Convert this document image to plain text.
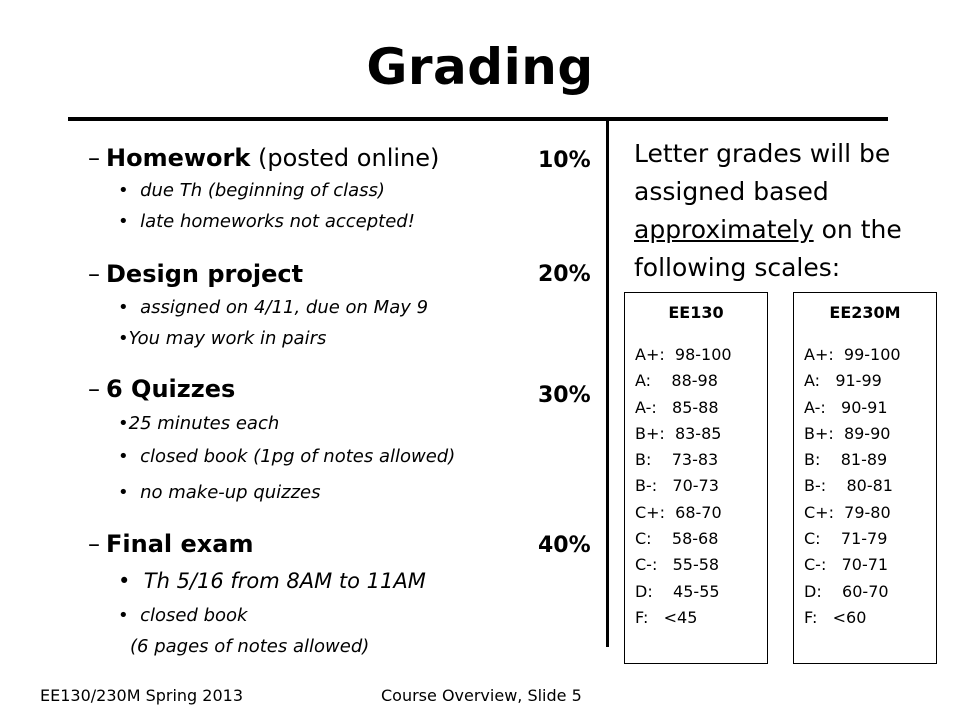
Grading
– Homework (posted online)	10%
•  due Th (beginning of class)
•  late homeworks not accepted!
– Design project	20%
•  assigned on 4/11, due on May 9
•You may work in pairs
– 6 Quizzes	30%
•25 minutes each
•  closed book (1pg of notes allowed)
•  no make-up quizzes
– Final exam	40%
•  Th 5/16 from 8AM to 11AM
•  closed book
(6 pages of notes allowed)
Letter grades will be
assigned based
approximately on the
following scales:
EE130
A+:  98-100
A:    88-98
A-:   85-88
B+:  83-85
B:    73-83
B-:   70-73
C+:  68-70
C:    58-68
C-:   55-58
D:    45-55
F:   <45
EE230M
A+:  99-100
A:   91-99
A-:   90-91
B+:  89-90
B:    81-89
B-:    80-81
C+:  79-80
C:    71-79
C-:   70-71
D:    60-70
F:   <60
EE130/230M Spring 2013	Course Overview, Slide 5
